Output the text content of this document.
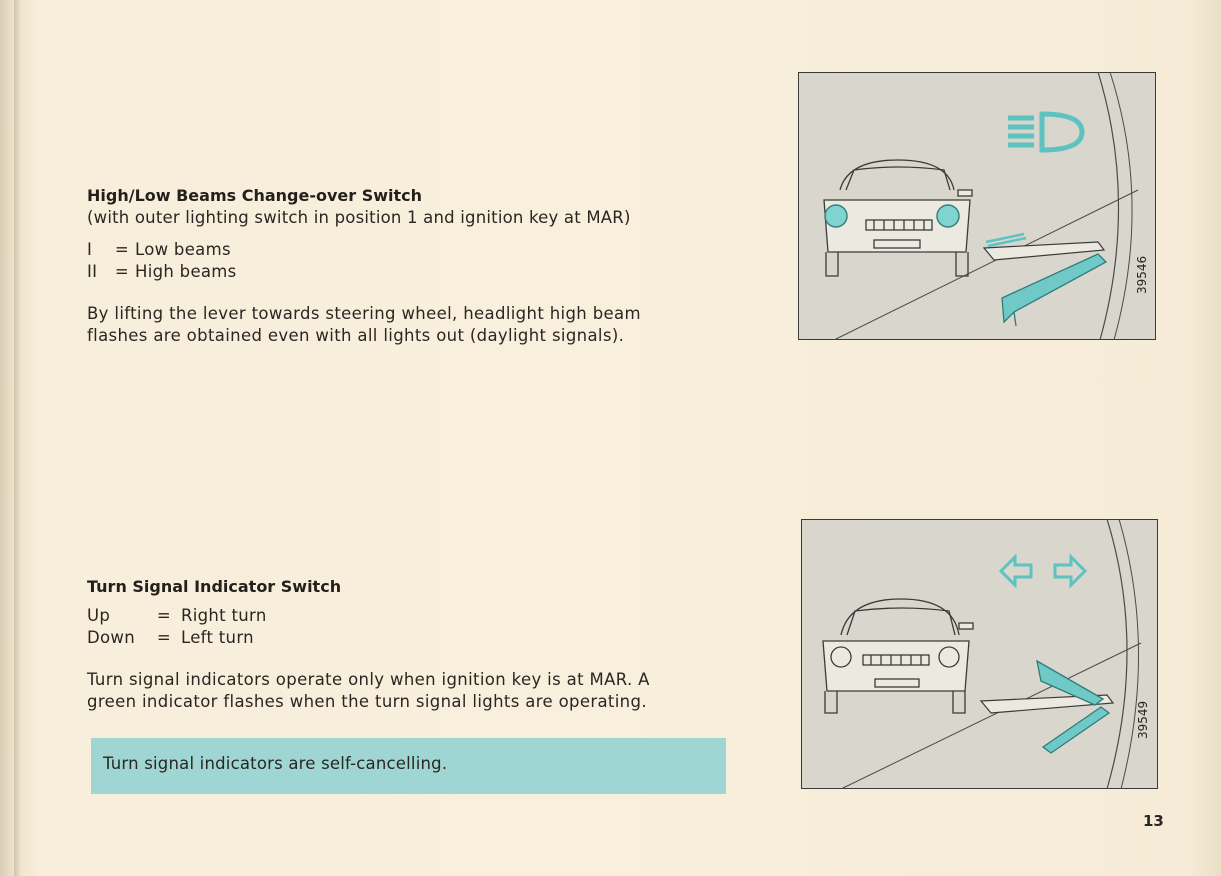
High/Low Beams Change-over Switch

(with outer lighting switch in position 1 and ignition key at MAR)

I	= Low beams
II	= High beams
By lifting the lever towards steering wheel, headlight high beam
flashes are obtained even with all lights out (daylight signals).

Turn Signal Indicator Switch

Up	= Right turn
Down	= Left turn
Turn signal indicators operate only when ignition key is at MAR. A
green indicator flashes when the turn signal lights are operating.
Turn signal indicators are self-cancelling.
39546
39549
13
